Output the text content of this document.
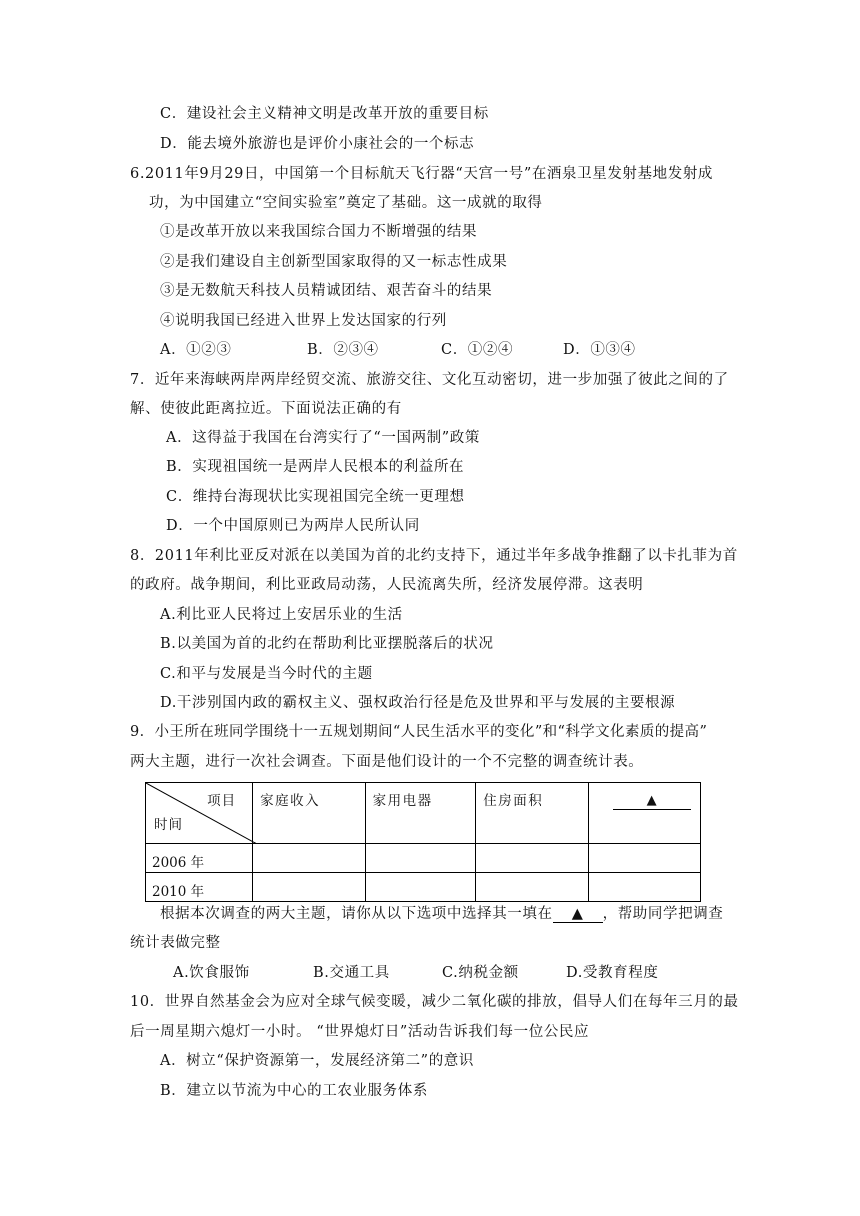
C．建设社会主义精神文明是改革开放的重要目标
D．能去境外旅游也是评价小康社会的一个标志
6.2011年9月29日，中国第一个目标航天飞行器“天宫一号”在酒泉卫星发射基地发射成
功，为中国建立“空间实验室”奠定了基础。这一成就的取得
①是改革开放以来我国综合国力不断增强的结果
②是我们建设自主创新型国家取得的又一标志性成果
③是无数航天科技人员精诚团结、艰苦奋斗的结果
④说明我国已经进入世界上发达国家的行列
A．①②③	B．②③④	C．①②④	D．①③④
7．近年来海峡两岸两岸经贸交流、旅游交往、文化互动密切，进一步加强了彼此之间的了
解、使彼此距离拉近。下面说法正确的有
A．这得益于我国在台湾实行了“一国两制”政策
B．实现祖国统一是两岸人民根本的利益所在
C．维持台海现状比实现祖国完全统一更理想
D．一个中国原则已为两岸人民所认同
8．2011年利比亚反对派在以美国为首的北约支持下，通过半年多战争推翻了以卡扎菲为首
的政府。战争期间，利比亚政局动荡，人民流离失所，经济发展停滞。这表明
A.利比亚人民将过上安居乐业的生活
B.以美国为首的北约在帮助利比亚摆脱落后的状况
C.和平与发展是当今时代的主题
D.干涉别国内政的霸权主义、强权政治行径是危及世界和平与发展的主要根源
9．小王所在班同学围绕十一五规划期间“人民生活水平的变化”和“科学文化素质的提高”
两大主题，进行一次社会调查。下面是他们设计的一个不完整的调查统计表。
项目
时间	家庭收入	家用电器	住房面积	▲
2006 年				
2010 年				
根据本次调查的两大主题，请你从以下选项中选择其一填在 ▲ ，帮助同学把调查
统计表做完整
A.饮食服饰	B.交通工具	C.纳税金额	D.受教育程度
10．世界自然基金会为应对全球气候变暖，减少二氧化碳的排放，倡导人们在每年三月的最
后一周星期六熄灯一小时。 “世界熄灯日”活动告诉我们每一位公民应
A．树立“保护资源第一，发展经济第二”的意识
B．建立以节流为中心的工农业服务体系
